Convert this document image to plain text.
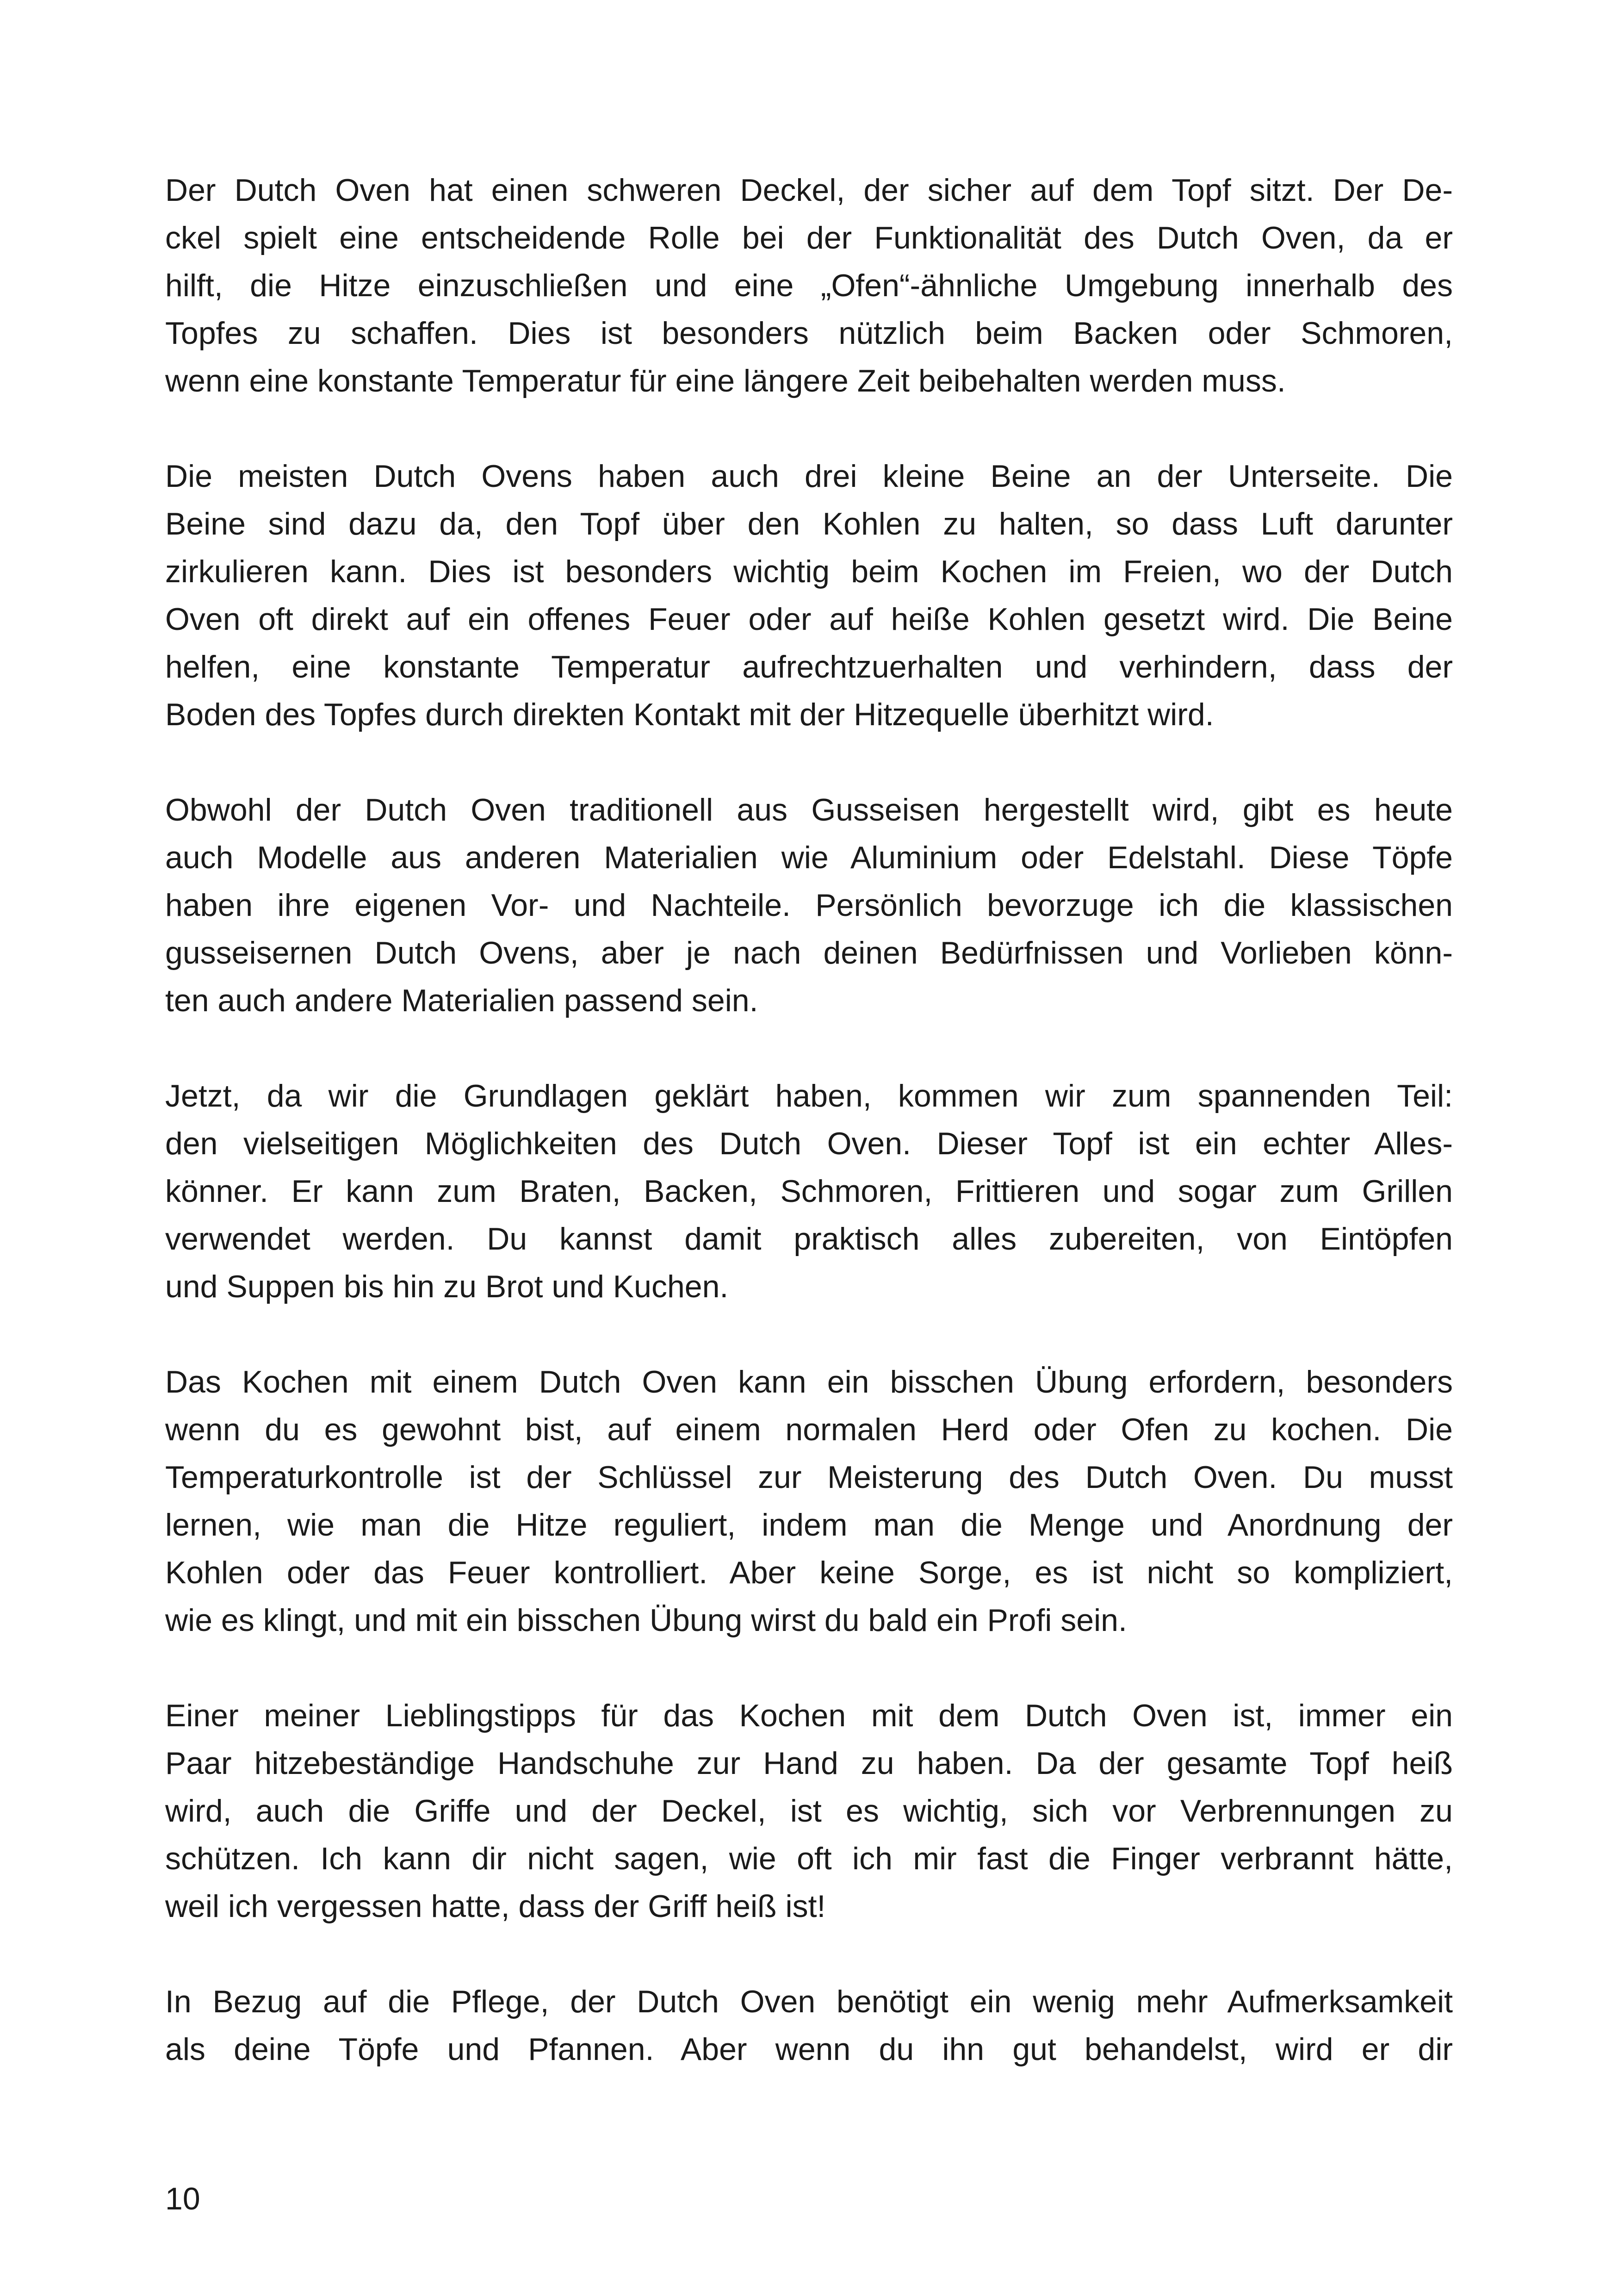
Der Dutch Oven hat einen schweren Deckel, der sicher auf dem Topf sitzt. Der De-
ckel spielt eine entscheidende Rolle bei der Funktionalität des Dutch Oven, da er
hilft, die Hitze einzuschließen und eine „Ofen“-ähnliche Umgebung innerhalb des
Topfes zu schaffen. Dies ist besonders nützlich beim Backen oder Schmoren,
wenn eine konstante Temperatur für eine längere Zeit beibehalten werden muss.

Die meisten Dutch Ovens haben auch drei kleine Beine an der Unterseite. Die
Beine sind dazu da, den Topf über den Kohlen zu halten, so dass Luft darunter
zirkulieren kann. Dies ist besonders wichtig beim Kochen im Freien, wo der Dutch
Oven oft direkt auf ein offenes Feuer oder auf heiße Kohlen gesetzt wird. Die Beine
helfen, eine konstante Temperatur aufrechtzuerhalten und verhindern, dass der
Boden des Topfes durch direkten Kontakt mit der Hitzequelle überhitzt wird.

Obwohl der Dutch Oven traditionell aus Gusseisen hergestellt wird, gibt es heute
auch Modelle aus anderen Materialien wie Aluminium oder Edelstahl. Diese Töpfe
haben ihre eigenen Vor- und Nachteile. Persönlich bevorzuge ich die klassischen
gusseisernen Dutch Ovens, aber je nach deinen Bedürfnissen und Vorlieben könn-
ten auch andere Materialien passend sein.

Jetzt, da wir die Grundlagen geklärt haben, kommen wir zum spannenden Teil:
den vielseitigen Möglichkeiten des Dutch Oven. Dieser Topf ist ein echter Alles-
könner. Er kann zum Braten, Backen, Schmoren, Frittieren und sogar zum Grillen
verwendet werden. Du kannst damit praktisch alles zubereiten, von Eintöpfen
und Suppen bis hin zu Brot und Kuchen.

Das Kochen mit einem Dutch Oven kann ein bisschen Übung erfordern, besonders
wenn du es gewohnt bist, auf einem normalen Herd oder Ofen zu kochen. Die
Temperaturkontrolle ist der Schlüssel zur Meisterung des Dutch Oven. Du musst
lernen, wie man die Hitze reguliert, indem man die Menge und Anordnung der
Kohlen oder das Feuer kontrolliert. Aber keine Sorge, es ist nicht so kompliziert,
wie es klingt, und mit ein bisschen Übung wirst du bald ein Profi sein.

Einer meiner Lieblingstipps für das Kochen mit dem Dutch Oven ist, immer ein
Paar hitzebeständige Handschuhe zur Hand zu haben. Da der gesamte Topf heiß
wird, auch die Griffe und der Deckel, ist es wichtig, sich vor Verbrennungen zu
schützen. Ich kann dir nicht sagen, wie oft ich mir fast die Finger verbrannt hätte,
weil ich vergessen hatte, dass der Griff heiß ist!

In Bezug auf die Pflege, der Dutch Oven benötigt ein wenig mehr Aufmerksamkeit
als deine Töpfe und Pfannen. Aber wenn du ihn gut behandelst, wird er dir

10
